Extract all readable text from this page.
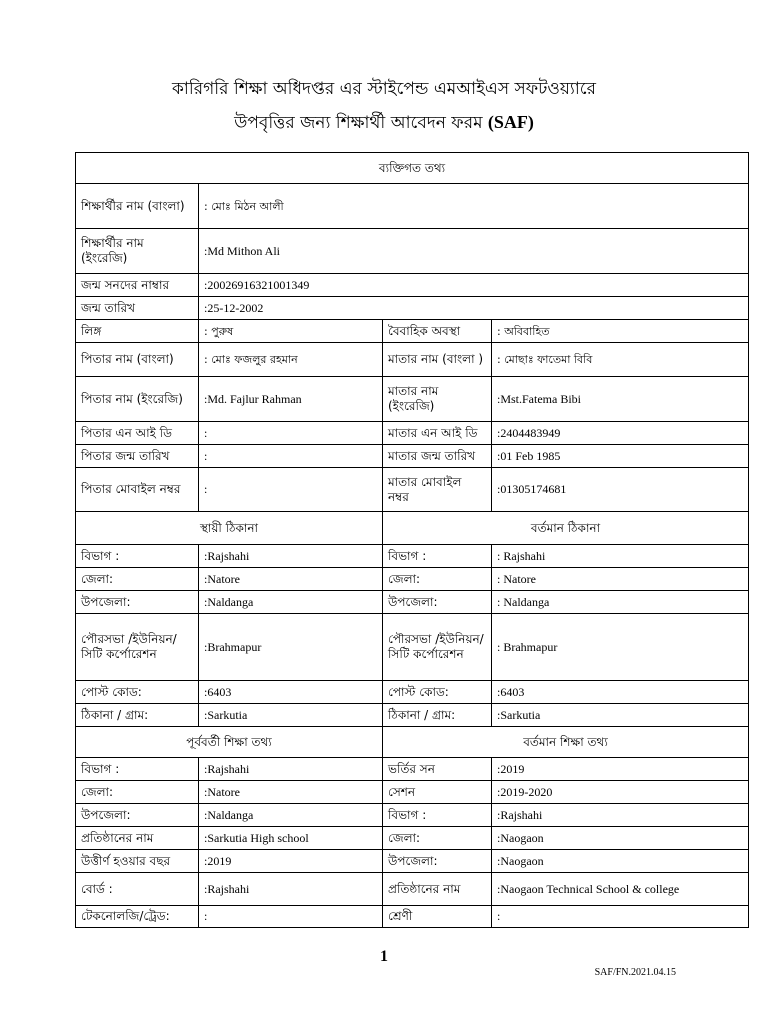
কারিগরি শিক্ষা অধিদপ্তর এর স্টাইপেন্ড এমআইএস সফটওয়্যারে
উপবৃত্তির জন্য শিক্ষার্থী আবেদন ফরম (SAF)
ব্যক্তিগত তথ্য			
শিক্ষার্থীর নাম (বাংলা)	: মোঃ মিঠন আলী		
শিক্ষার্থীর নাম (ইংরেজি)	:Md Mithon Ali		
জন্ম সনদের নাম্বার	:20026916321001349		
জন্ম তারিখ	:25-12-2002		
লিঙ্গ	: পুরুষ	বৈবাহিক অবস্থা	: অবিবাহিত
পিতার নাম (বাংলা)	: মোঃ ফজলুর রহমান	মাতার নাম (বাংলা )	: মোছাঃ ফাতেমা বিবি
পিতার নাম (ইংরেজি)	:Md. Fajlur Rahman	মাতার নাম (ইংরেজি)	:Mst.Fatema Bibi
পিতার এন আই ডি	:	মাতার এন আই ডি	:2404483949
পিতার জন্ম তারিখ	:	মাতার জন্ম তারিখ	:01 Feb 1985
পিতার মোবাইল নম্বর	:	মাতার মোবাইল নম্বর	:01305174681
স্থায়ী ঠিকানা		বর্তমান ঠিকানা	
বিভাগ :	:Rajshahi	বিভাগ :	: Rajshahi
জেলা:	:Natore	জেলা:	: Natore
উপজেলা:	:Naldanga	উপজেলা:	: Naldanga
পৌরসভা /ইউনিয়ন/সিটি কর্পোরেশন	:Brahmapur	পৌরসভা /ইউনিয়ন/ সিটি কর্পোরেশন	: Brahmapur
পোস্ট কোড:	:6403	পোস্ট কোড:	:6403
ঠিকানা / গ্রাম:	:Sarkutia	ঠিকানা / গ্রাম:	:Sarkutia
পূর্ববর্তী শিক্ষা তথ্য		বর্তমান শিক্ষা তথ্য	
বিভাগ :	:Rajshahi	ভর্তির সন	:2019
জেলা:	:Natore	সেশন	:2019-2020
উপজেলা:	:Naldanga	বিভাগ :	:Rajshahi
প্রতিষ্ঠানের নাম	:Sarkutia High school	জেলা:	:Naogaon
উত্তীর্ণ হওয়ার বছর	:2019	উপজেলা:	:Naogaon
বোর্ড :	:Rajshahi	প্রতিষ্ঠানের নাম	:Naogaon Technical School & college
টেকনোলজি/ট্রেড:	:	শ্রেণী	:
1
SAF/FN.2021.04.15
